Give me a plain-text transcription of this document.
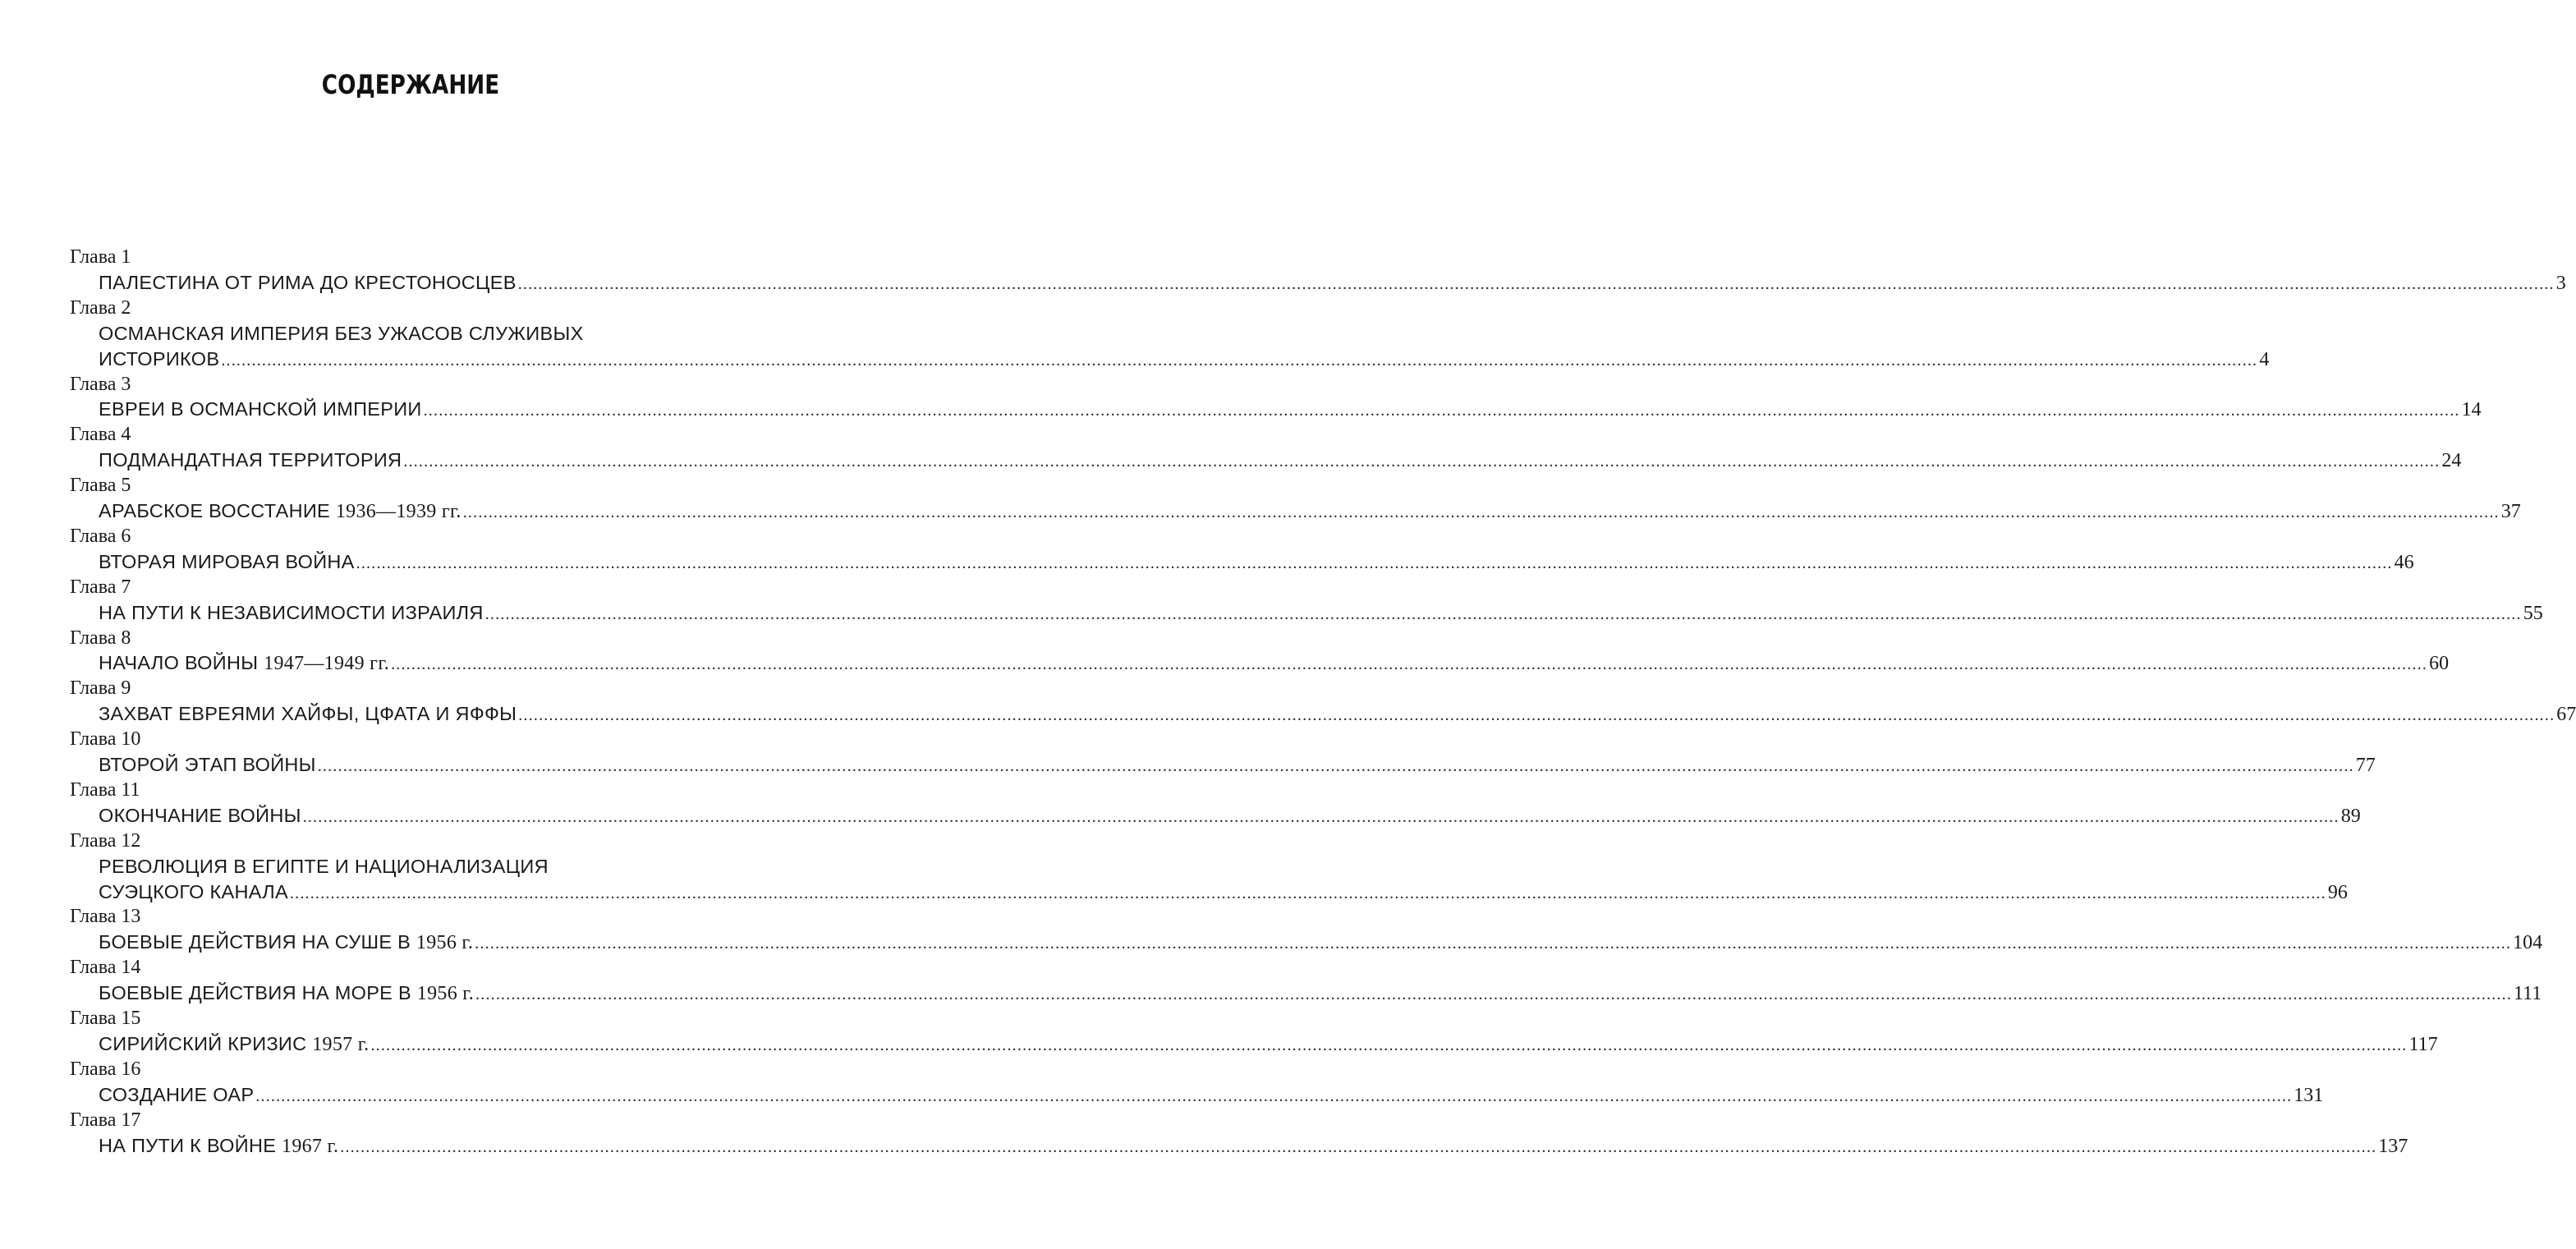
СОДЕРЖАНИЕ
Глава 1
ПАЛЕСТИНА ОТ РИМА ДО КРЕСТОНОСЦЕВ ................................................................................................................................................................................................................................................................................................................................................................................................................ 3
Глава 2
ОСМАНСКАЯ ИМПЕРИЯ БЕЗ УЖАСОВ СЛУЖИВЫХ
ИСТОРИКОВ ................................................................................................................................................................................................................................................................................................................................................................................................................ 4
Глава 3
ЕВРЕИ В ОСМАНСКОЙ ИМПЕРИИ ................................................................................................................................................................................................................................................................................................................................................................................................................ 14
Глава 4
ПОДМАНДАТНАЯ ТЕРРИТОРИЯ ................................................................................................................................................................................................................................................................................................................................................................................................................ 24
Глава 5
АРАБСКОЕ ВОССТАНИЕ 1936—1939 гг. ................................................................................................................................................................................................................................................................................................................................................................................................................ 37
Глава 6
ВТОРАЯ МИРОВАЯ ВОЙНА ................................................................................................................................................................................................................................................................................................................................................................................................................ 46
Глава 7
НА ПУТИ К НЕЗАВИСИМОСТИ ИЗРАИЛЯ ................................................................................................................................................................................................................................................................................................................................................................................................................ 55
Глава 8
НАЧАЛО ВОЙНЫ 1947—1949 гг. ................................................................................................................................................................................................................................................................................................................................................................................................................ 60
Глава 9
ЗАХВАТ ЕВРЕЯМИ ХАЙФЫ, ЦФАТА И ЯФФЫ ................................................................................................................................................................................................................................................................................................................................................................................................................ 67
Глава 10
ВТОРОЙ ЭТАП ВОЙНЫ ................................................................................................................................................................................................................................................................................................................................................................................................................ 77
Глава 11
ОКОНЧАНИЕ ВОЙНЫ ................................................................................................................................................................................................................................................................................................................................................................................................................ 89
Глава 12
РЕВОЛЮЦИЯ В ЕГИПТЕ И НАЦИОНАЛИЗАЦИЯ
СУЭЦКОГО КАНАЛА ................................................................................................................................................................................................................................................................................................................................................................................................................ 96
Глава 13
БОЕВЫЕ ДЕЙСТВИЯ НА СУШЕ В 1956 г. ................................................................................................................................................................................................................................................................................................................................................................................................................ 104
Глава 14
БОЕВЫЕ ДЕЙСТВИЯ НА МОРЕ В 1956 г. ................................................................................................................................................................................................................................................................................................................................................................................................................ 111
Глава 15
СИРИЙСКИЙ КРИЗИС 1957 г. ................................................................................................................................................................................................................................................................................................................................................................................................................ 117
Глава 16
СОЗДАНИЕ ОАР ................................................................................................................................................................................................................................................................................................................................................................................................................ 131
Глава 17
НА ПУТИ К ВОЙНЕ 1967 г. ................................................................................................................................................................................................................................................................................................................................................................................................................ 137
